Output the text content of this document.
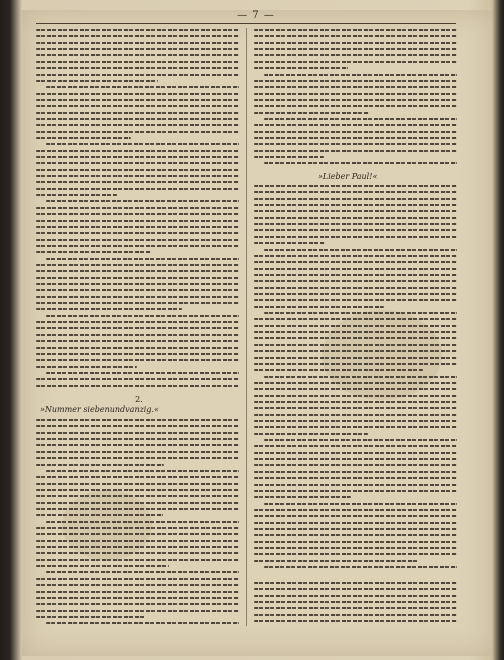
— 7 —
2.
»Nummer siebenundvanzig.«
»Lieber Paul!«
